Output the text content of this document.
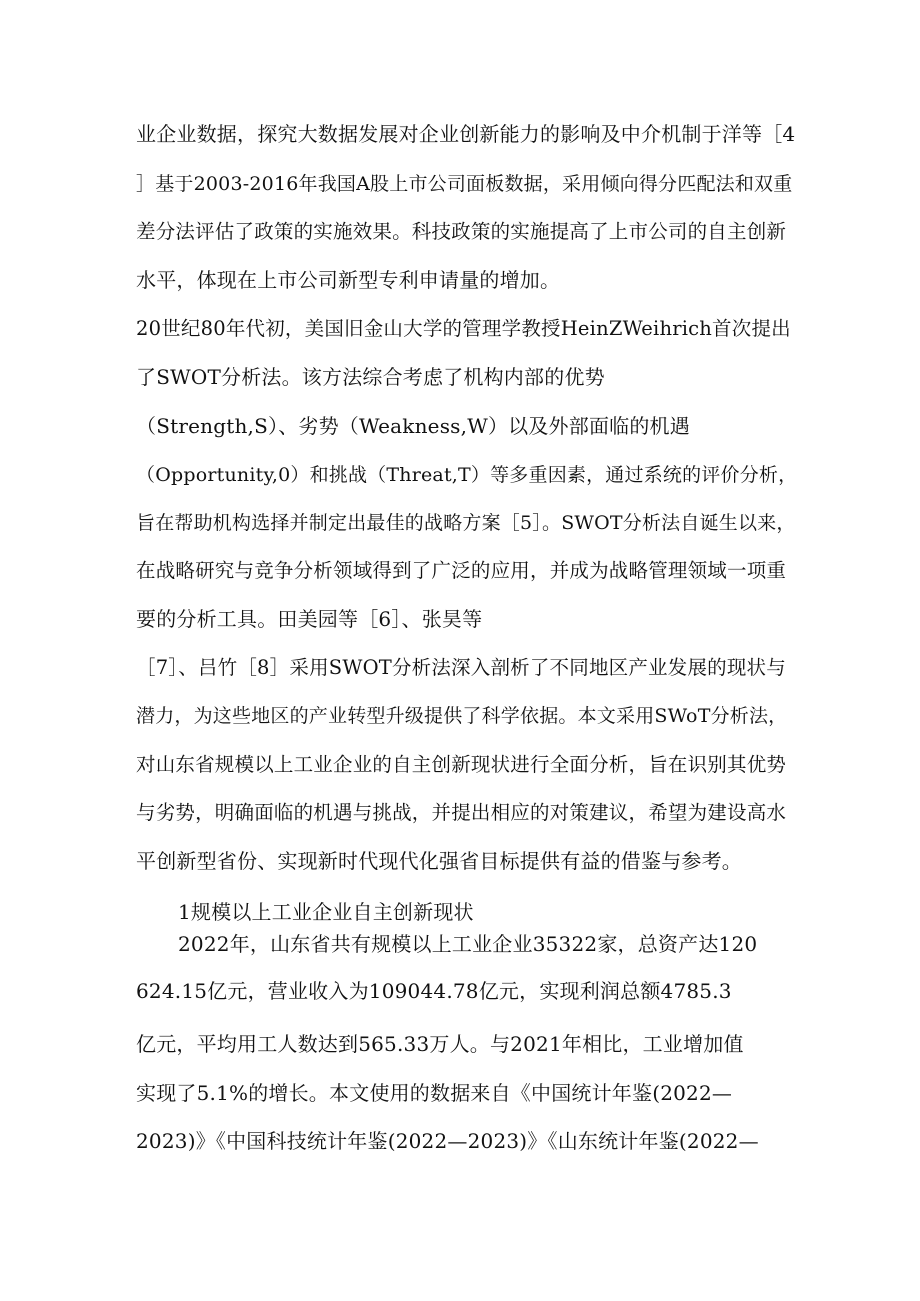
业企业数据，探究大数据发展对企业创新能力的影响及中介机制于洋等［4
］基于2003-2016年我国A股上市公司面板数据，采用倾向得分匹配法和双重
差分法评估了政策的实施效果。科技政策的实施提高了上市公司的自主创新
水平，体现在上市公司新型专利申请量的增加。
20世纪80年代初，美国旧金山大学的管理学教授HeinZWeihrich首次提出
了SWOT分析法。该方法综合考虑了机构内部的优势
（Strength,S）、劣势（Weakness,W）以及外部面临的机遇
（Opportunity,0）和挑战（Threat,T）等多重因素，通过系统的评价分析，
旨在帮助机构选择并制定出最佳的战略方案［5］。SWOT分析法自诞生以来，
在战略研究与竞争分析领域得到了广泛的应用，并成为战略管理领域一项重
要的分析工具。田美园等［6］、张昊等
［7］、吕竹［8］采用SWOT分析法深入剖析了不同地区产业发展的现状与
潜力，为这些地区的产业转型升级提供了科学依据。本文采用SWoT分析法，
对山东省规模以上工业企业的自主创新现状进行全面分析，旨在识别其优势
与劣势，明确面临的机遇与挑战，并提出相应的对策建议，希望为建设高水
平创新型省份、实现新时代现代化强省目标提供有益的借鉴与参考。
1规模以上工业企业自主创新现状
2022年，山东省共有规模以上工业企业35322家，总资产达120
624.15亿元，营业收入为109044.78亿元，实现利润总额4785.3
亿元，平均用工人数达到565.33万人。与2021年相比，工业增加值
实现了5.1%的增长。本文使用的数据来自《中国统计年鉴(2022—
2023)》《中国科技统计年鉴(2022—2023)》《山东统计年鉴(2022—
